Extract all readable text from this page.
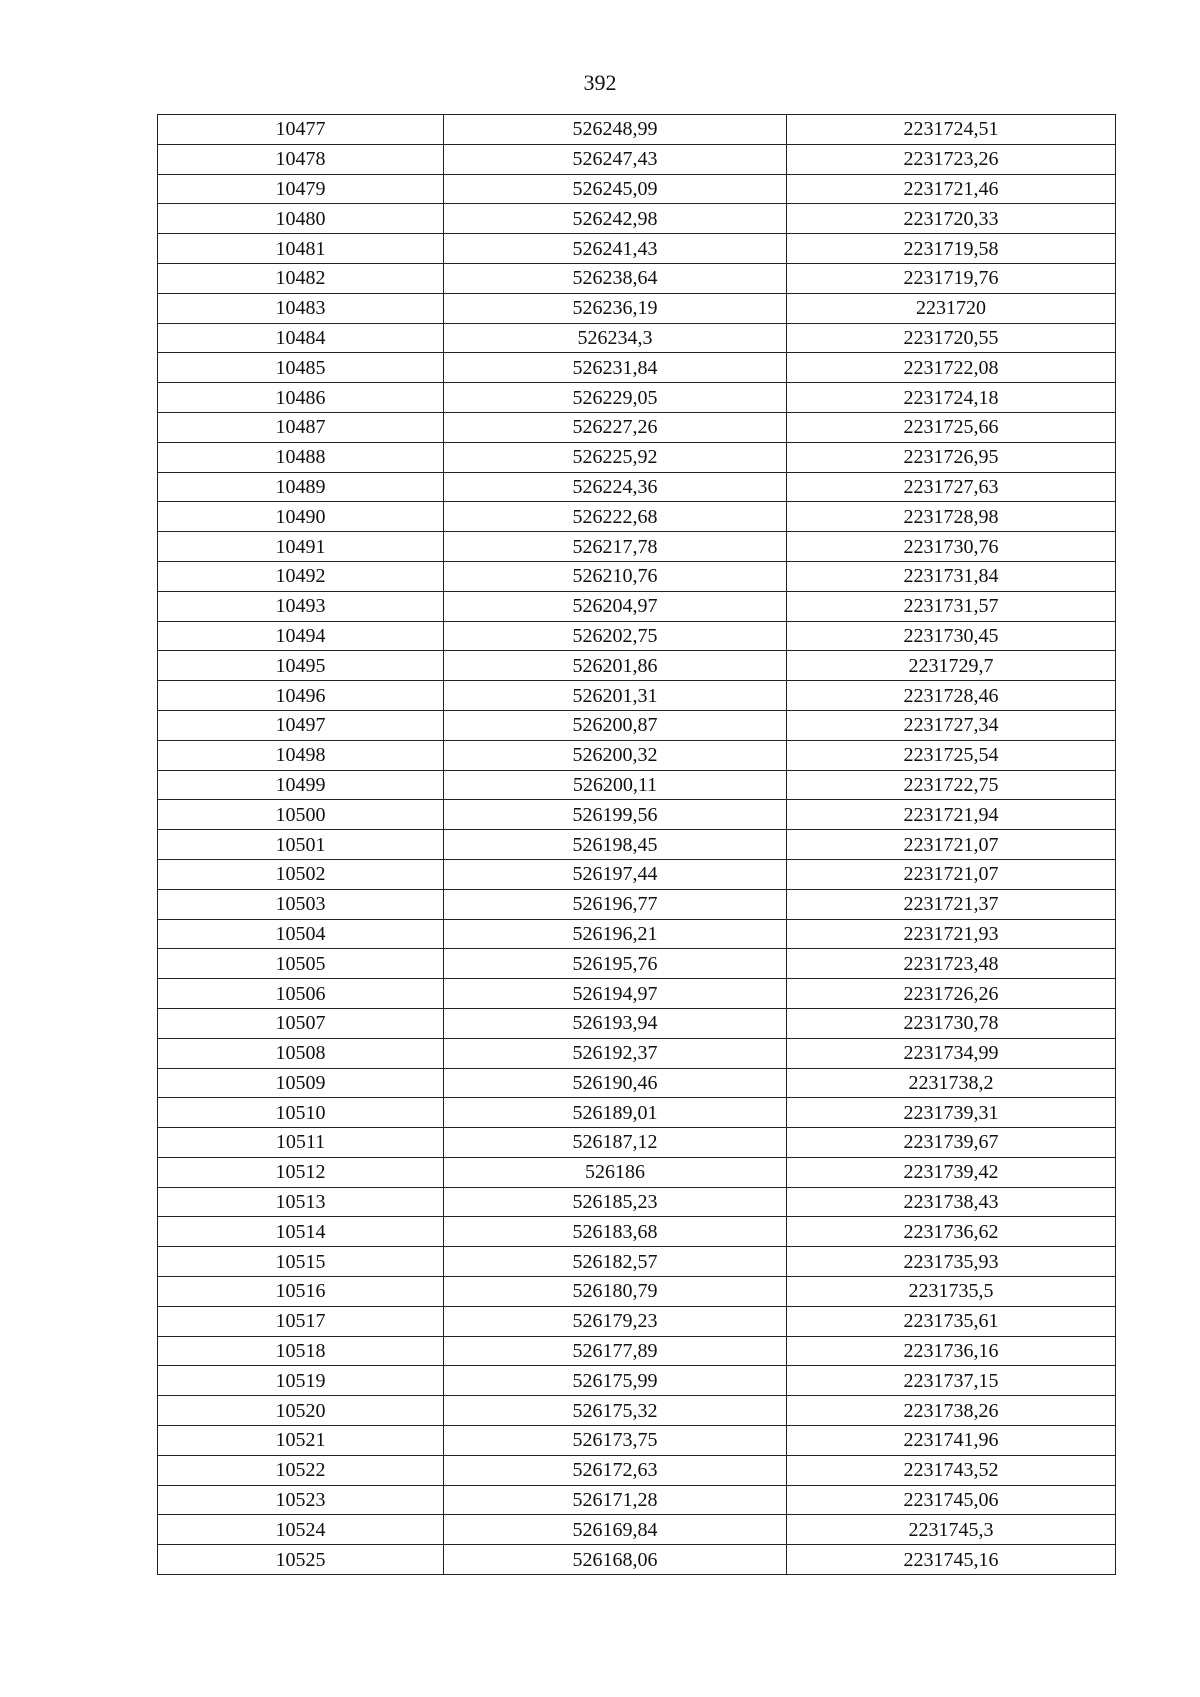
392
10477	526248,99	2231724,51
10478	526247,43	2231723,26
10479	526245,09	2231721,46
10480	526242,98	2231720,33
10481	526241,43	2231719,58
10482	526238,64	2231719,76
10483	526236,19	2231720
10484	526234,3	2231720,55
10485	526231,84	2231722,08
10486	526229,05	2231724,18
10487	526227,26	2231725,66
10488	526225,92	2231726,95
10489	526224,36	2231727,63
10490	526222,68	2231728,98
10491	526217,78	2231730,76
10492	526210,76	2231731,84
10493	526204,97	2231731,57
10494	526202,75	2231730,45
10495	526201,86	2231729,7
10496	526201,31	2231728,46
10497	526200,87	2231727,34
10498	526200,32	2231725,54
10499	526200,11	2231722,75
10500	526199,56	2231721,94
10501	526198,45	2231721,07
10502	526197,44	2231721,07
10503	526196,77	2231721,37
10504	526196,21	2231721,93
10505	526195,76	2231723,48
10506	526194,97	2231726,26
10507	526193,94	2231730,78
10508	526192,37	2231734,99
10509	526190,46	2231738,2
10510	526189,01	2231739,31
10511	526187,12	2231739,67
10512	526186	2231739,42
10513	526185,23	2231738,43
10514	526183,68	2231736,62
10515	526182,57	2231735,93
10516	526180,79	2231735,5
10517	526179,23	2231735,61
10518	526177,89	2231736,16
10519	526175,99	2231737,15
10520	526175,32	2231738,26
10521	526173,75	2231741,96
10522	526172,63	2231743,52
10523	526171,28	2231745,06
10524	526169,84	2231745,3
10525	526168,06	2231745,16
